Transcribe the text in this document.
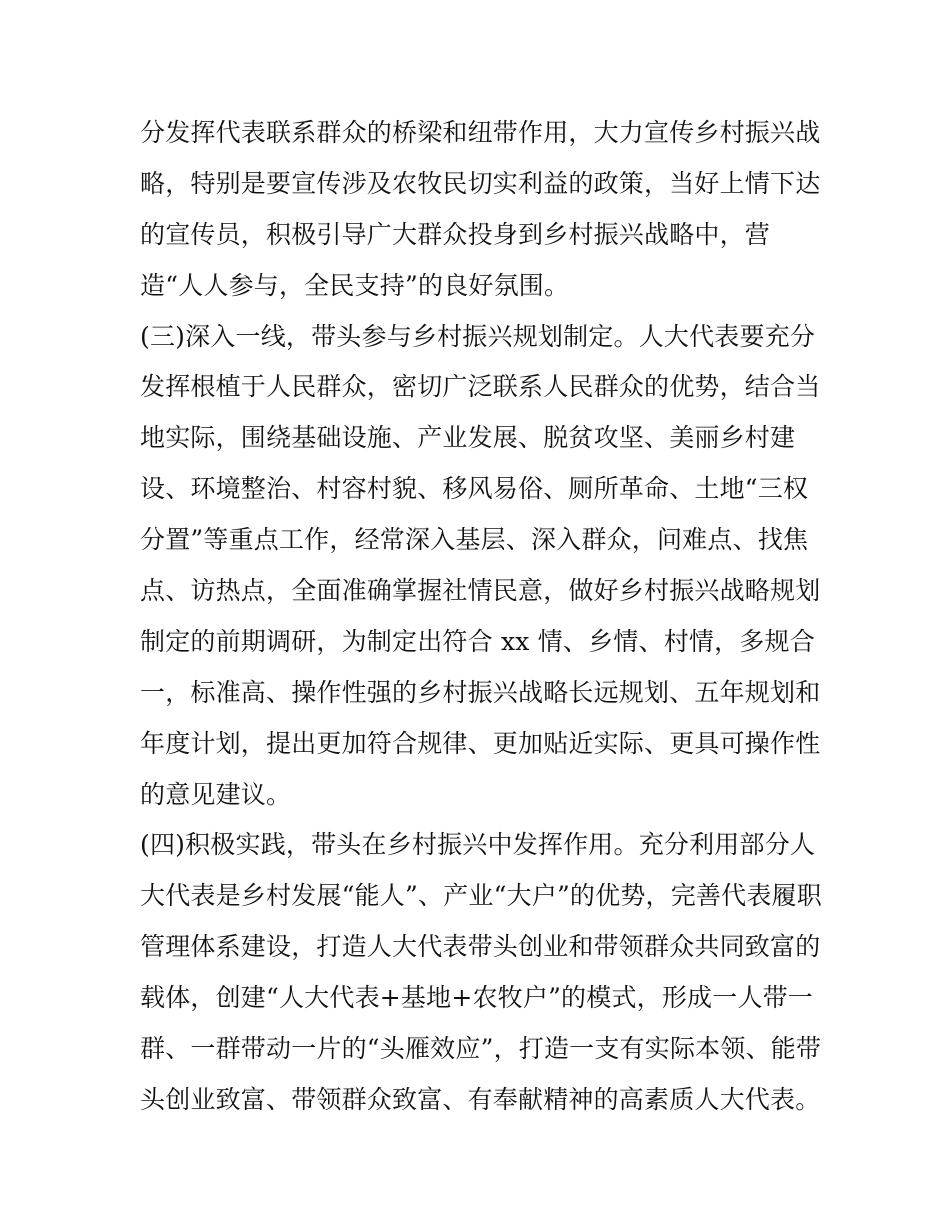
分发挥代表联系群众的桥梁和纽带作用，大力宣传乡村振兴战
略，特别是要宣传涉及农牧民切实利益的政策，当好上情下达
的宣传员，积极引导广大群众投身到乡村振兴战略中，营
造“人人参与，全民支持”的良好氛围。
(三)深入一线，带头参与乡村振兴规划制定。人大代表要充分
发挥根植于人民群众，密切广泛联系人民群众的优势，结合当
地实际，围绕基础设施、产业发展、脱贫攻坚、美丽乡村建
设、环境整治、村容村貌、移风易俗、厕所革命、土地“三权
分置”等重点工作，经常深入基层、深入群众，问难点、找焦
点、访热点，全面准确掌握社情民意，做好乡村振兴战略规划
制定的前期调研，为制定出符合 xx 情、乡情、村情，多规合
一，标准高、操作性强的乡村振兴战略长远规划、五年规划和
年度计划，提出更加符合规律、更加贴近实际、更具可操作性
的意见建议。
(四)积极实践，带头在乡村振兴中发挥作用。充分利用部分人
大代表是乡村发展“能人”、产业“大户”的优势，完善代表履职
管理体系建设，打造人大代表带头创业和带领群众共同致富的
载体，创建“人大代表+基地+农牧户”的模式，形成一人带一
群、一群带动一片的“头雁效应”，打造一支有实际本领、能带
头创业致富、带领群众致富、有奉献精神的高素质人大代表。
